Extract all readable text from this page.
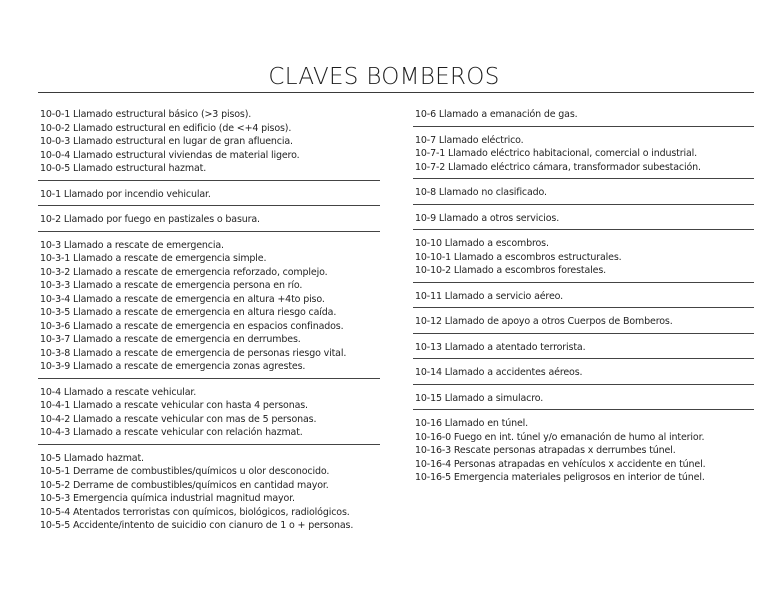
CLAVES BOMBEROS
10-0-1 Llamado estructural básico (>3 pisos).
10-0-2 Llamado estructural en edificio (de <+4 pisos).
10-0-3 Llamado estructural en lugar de gran afluencia.
10-0-4 Llamado estructural viviendas de material ligero.
10-0-5 Llamado estructural hazmat.
10-1 Llamado por incendio vehicular.
10-2 Llamado por fuego en pastizales o basura.
10-3 Llamado a rescate de emergencia.
10-3-1 Llamado a rescate de emergencia simple.
10-3-2 Llamado a rescate de emergencia reforzado, complejo.
10-3-3 Llamado a rescate de emergencia persona en río.
10-3-4 Llamado a rescate de emergencia en altura +4to piso.
10-3-5 Llamado a rescate de emergencia en altura riesgo caída.
10-3-6 Llamado a rescate de emergencia en espacios confinados.
10-3-7 Llamado a rescate de emergencia en derrumbes.
10-3-8 Llamado a rescate de emergencia de personas riesgo vital.
10-3-9 Llamado a rescate de emergencia zonas agrestes.
10-4 Llamado a rescate vehicular.
10-4-1 Llamado a rescate vehicular con hasta 4 personas.
10-4-2 Llamado a rescate vehicular con mas de 5 personas.
10-4-3 Llamado a rescate vehicular con relación hazmat.
10-5 Llamado hazmat.
10-5-1 Derrame de combustibles/químicos u olor desconocido.
10-5-2 Derrame de combustibles/químicos en cantidad mayor.
10-5-3 Emergencia química industrial magnitud mayor.
10-5-4 Atentados terroristas con químicos, biológicos, radiológicos.
10-5-5 Accidente/intento de suicidio con cianuro de 1 o + personas.
10-6 Llamado a emanación de gas.
10-7 Llamado eléctrico.
10-7-1 Llamado eléctrico habitacional, comercial o industrial.
10-7-2 Llamado eléctrico cámara, transformador subestación.
10-8 Llamado no clasificado.
10-9 Llamado a otros servicios.
10-10 Llamado a escombros.
10-10-1 Llamado a escombros estructurales.
10-10-2 Llamado a escombros forestales.
10-11 Llamado a servicio aéreo.
10-12 Llamado de apoyo a otros Cuerpos de Bomberos.
10-13 Llamado a atentado terrorista.
10-14 Llamado a accidentes aéreos.
10-15 Llamado a simulacro.
10-16 Llamado en túnel.
10-16-0 Fuego en int. túnel y/o emanación de humo al interior.
10-16-3 Rescate personas atrapadas x derrumbes túnel.
10-16-4 Personas atrapadas en vehículos x accidente en túnel.
10-16-5 Emergencia materiales peligrosos en interior de túnel.
